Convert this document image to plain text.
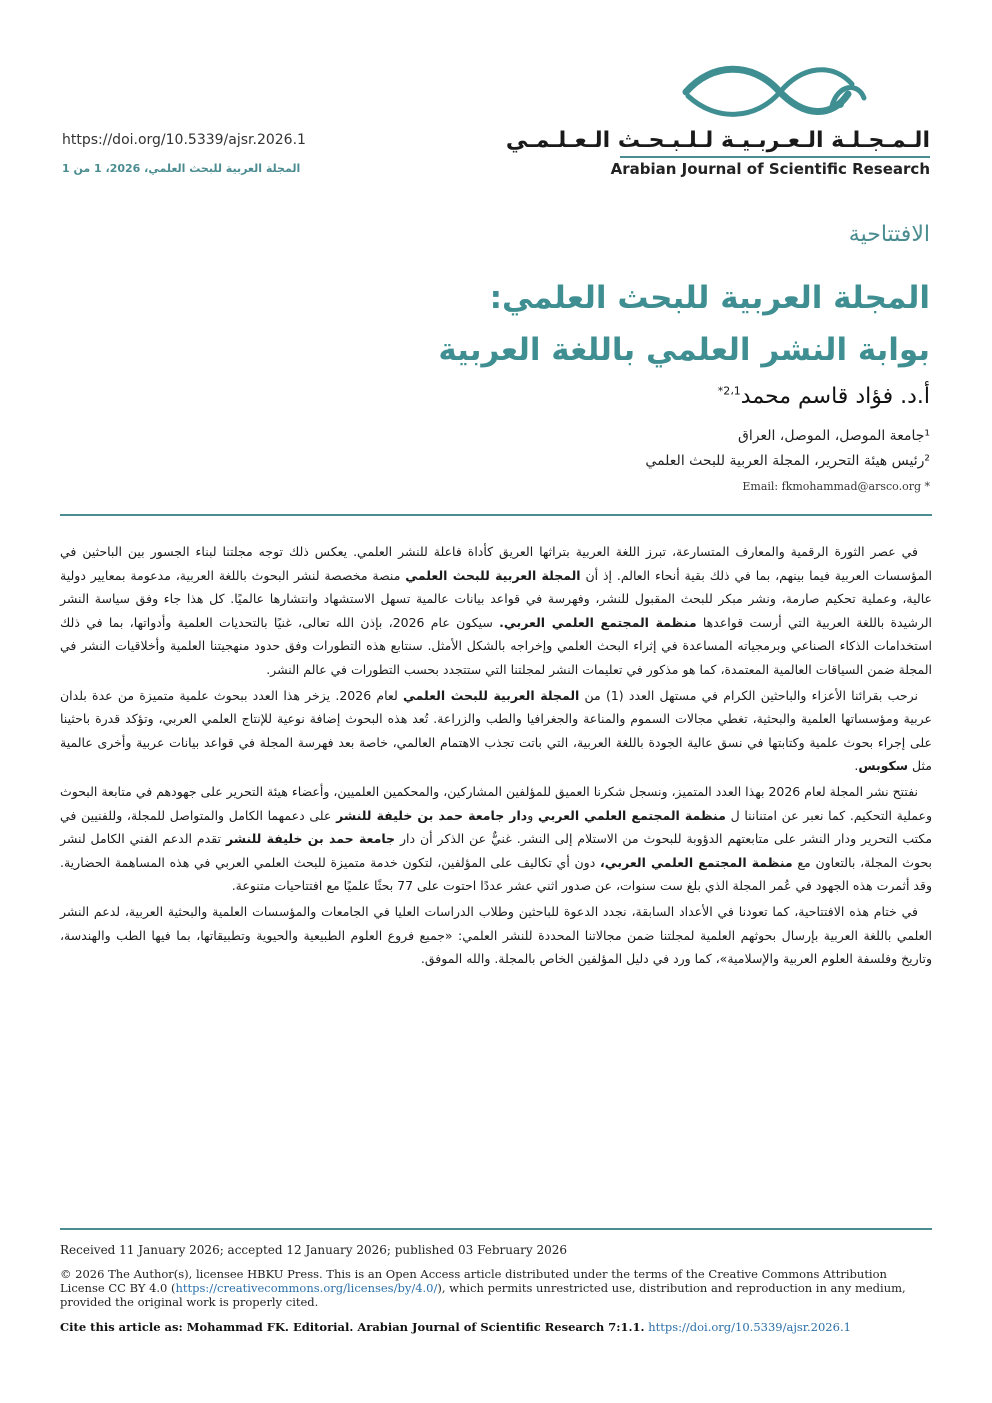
https://doi.org/10.5339/ajsr.2026.1
المجلة العربية للبحث العلمي، 2026، 1 من 1
الـمـجـلـة الـعـربـيـة لـلـبـحـث الـعـلـمـي
Arabian Journal of Scientific Research
الافتتاحية
المجلة العربية للبحث العلمي:
بوابة النشر العلمي باللغة العربية
أ.د. فؤاد قاسم محمد$^{2،1*}$
¹جامعة الموصل، الموصل، العراق
²رئيس هيئة التحرير، المجلة العربية للبحث العلمي
Email: fkmohammad@arsco.org *

في عصر الثورة الرقمية والمعارف المتسارعة، تبرز اللغة العربية بتراثها العريق كأداة فاعلة للنشر العلمي. يعكس ذلك توجه مجلتنا لبناء الجسور بين الباحثين في المؤسسات العربية فيما بينهم، بما في ذلك بقية أنحاء العالم. إذ أن المجلة العربية للبحث العلمي منصة مخصصة لنشر البحوث باللغة العربية، مدعومة بمعايير دولية عالية، وعملية تحكيم صارمة، ونشر مبكر للبحث المقبول للنشر، وفهرسة في قواعد بيانات عالمية تسهل الاستشهاد وانتشارها عالميًا. كل هذا جاء وفق سياسة النشر الرشيدة باللغة العربية التي أرست قواعدها منظمة المجتمع العلمي العربي. سيكون عام 2026، بإذن الله تعالى، غنيًا بالتحديات العلمية وأدواتها، بما في ذلك استخدامات الذكاء الصناعي وبرمجياته المساعدة في إثراء البحث العلمي وإخراجه بالشكل الأمثل. سنتابع هذه التطورات وفق حدود منهجيتنا العلمية وأخلاقيات النشر في المجلة ضمن السياقات العالمية المعتمدة، كما هو مذكور في تعليمات النشر لمجلتنا التي ستتجدد بحسب التطورات في عالم النشر.

نرحب بقرائنا الأعزاء والباحثين الكرام في مستهل العدد (1) من المجلة العربية للبحث العلمي لعام 2026. يزخر هذا العدد ببحوث علمية متميزة من عدة بلدان عربية ومؤسساتها العلمية والبحثية، تغطي مجالات السموم والمناعة والجغرافيا والطب والزراعة. تُعد هذه البحوث إضافة نوعية للإنتاج العلمي العربي، وتؤكد قدرة باحثينا على إجراء بحوث علمية وكتابتها في نسق عالية الجودة باللغة العربية، التي باتت تجذب الاهتمام العالمي، خاصة بعد فهرسة المجلة في قواعد بيانات عربية وأخرى عالمية مثل سكوبس.

نفتتح نشر المجلة لعام 2026 بهذا العدد المتميز، ونسجل شكرنا العميق للمؤلفين المشاركين، والمحكمين العلميين، وأعضاء هيئة التحرير على جهودهم في متابعة البحوث وعملية التحكيم. كما نعبر عن امتناننا ل منظمة المجتمع العلمي العربي ودار جامعة حمد بن خليفة للنشر على دعمهما الكامل والمتواصل للمجلة، وللفنيين في مكتب التحرير ودار النشر على متابعتهم الدؤوبة للبحوث من الاستلام إلى النشر. غنيٌّ عن الذكر أن دار جامعة حمد بن خليفة للنشر تقدم الدعم الفني الكامل لنشر بحوث المجلة، بالتعاون مع منظمة المجتمع العلمي العربي، دون أي تكاليف على المؤلفين، لتكون خدمة متميزة للبحث العلمي العربي في هذه المساهمة الحضارية. وقد أثمرت هذه الجهود في عُمر المجلة الذي بلغ ست سنوات، عن صدور اثني عشر عددًا احتوت على 77 بحثًا علميًا مع افتتاحيات متنوعة.

في ختام هذه الافتتاحية، كما تعودنا في الأعداد السابقة، نجدد الدعوة للباحثين وطلاب الدراسات العليا في الجامعات والمؤسسات العلمية والبحثية العربية، لدعم النشر العلمي باللغة العربية بإرسال بحوثهم العلمية لمجلتنا ضمن مجالاتنا المحددة للنشر العلمي: «جميع فروع العلوم الطبيعية والحيوية وتطبيقاتها، بما فيها الطب والهندسة، وتاريخ وفلسفة العلوم العربية والإسلامية»، كما ورد في دليل المؤلفين الخاص بالمجلة. والله الموفق.

Received 11 January 2026; accepted 12 January 2026; published 03 February 2026
© 2026 The Author(s), licensee HBKU Press. This is an Open Access article distributed under the terms of the Creative Commons Attribution License CC BY 4.0 (https://creativecommons.org/licenses/by/4.0/), which permits unrestricted use, distribution and reproduction in any medium, provided the original work is properly cited.
Cite this article as: Mohammad FK. Editorial. Arabian Journal of Scientific Research 7:1.1. https://doi.org/10.5339/ajsr.2026.1
